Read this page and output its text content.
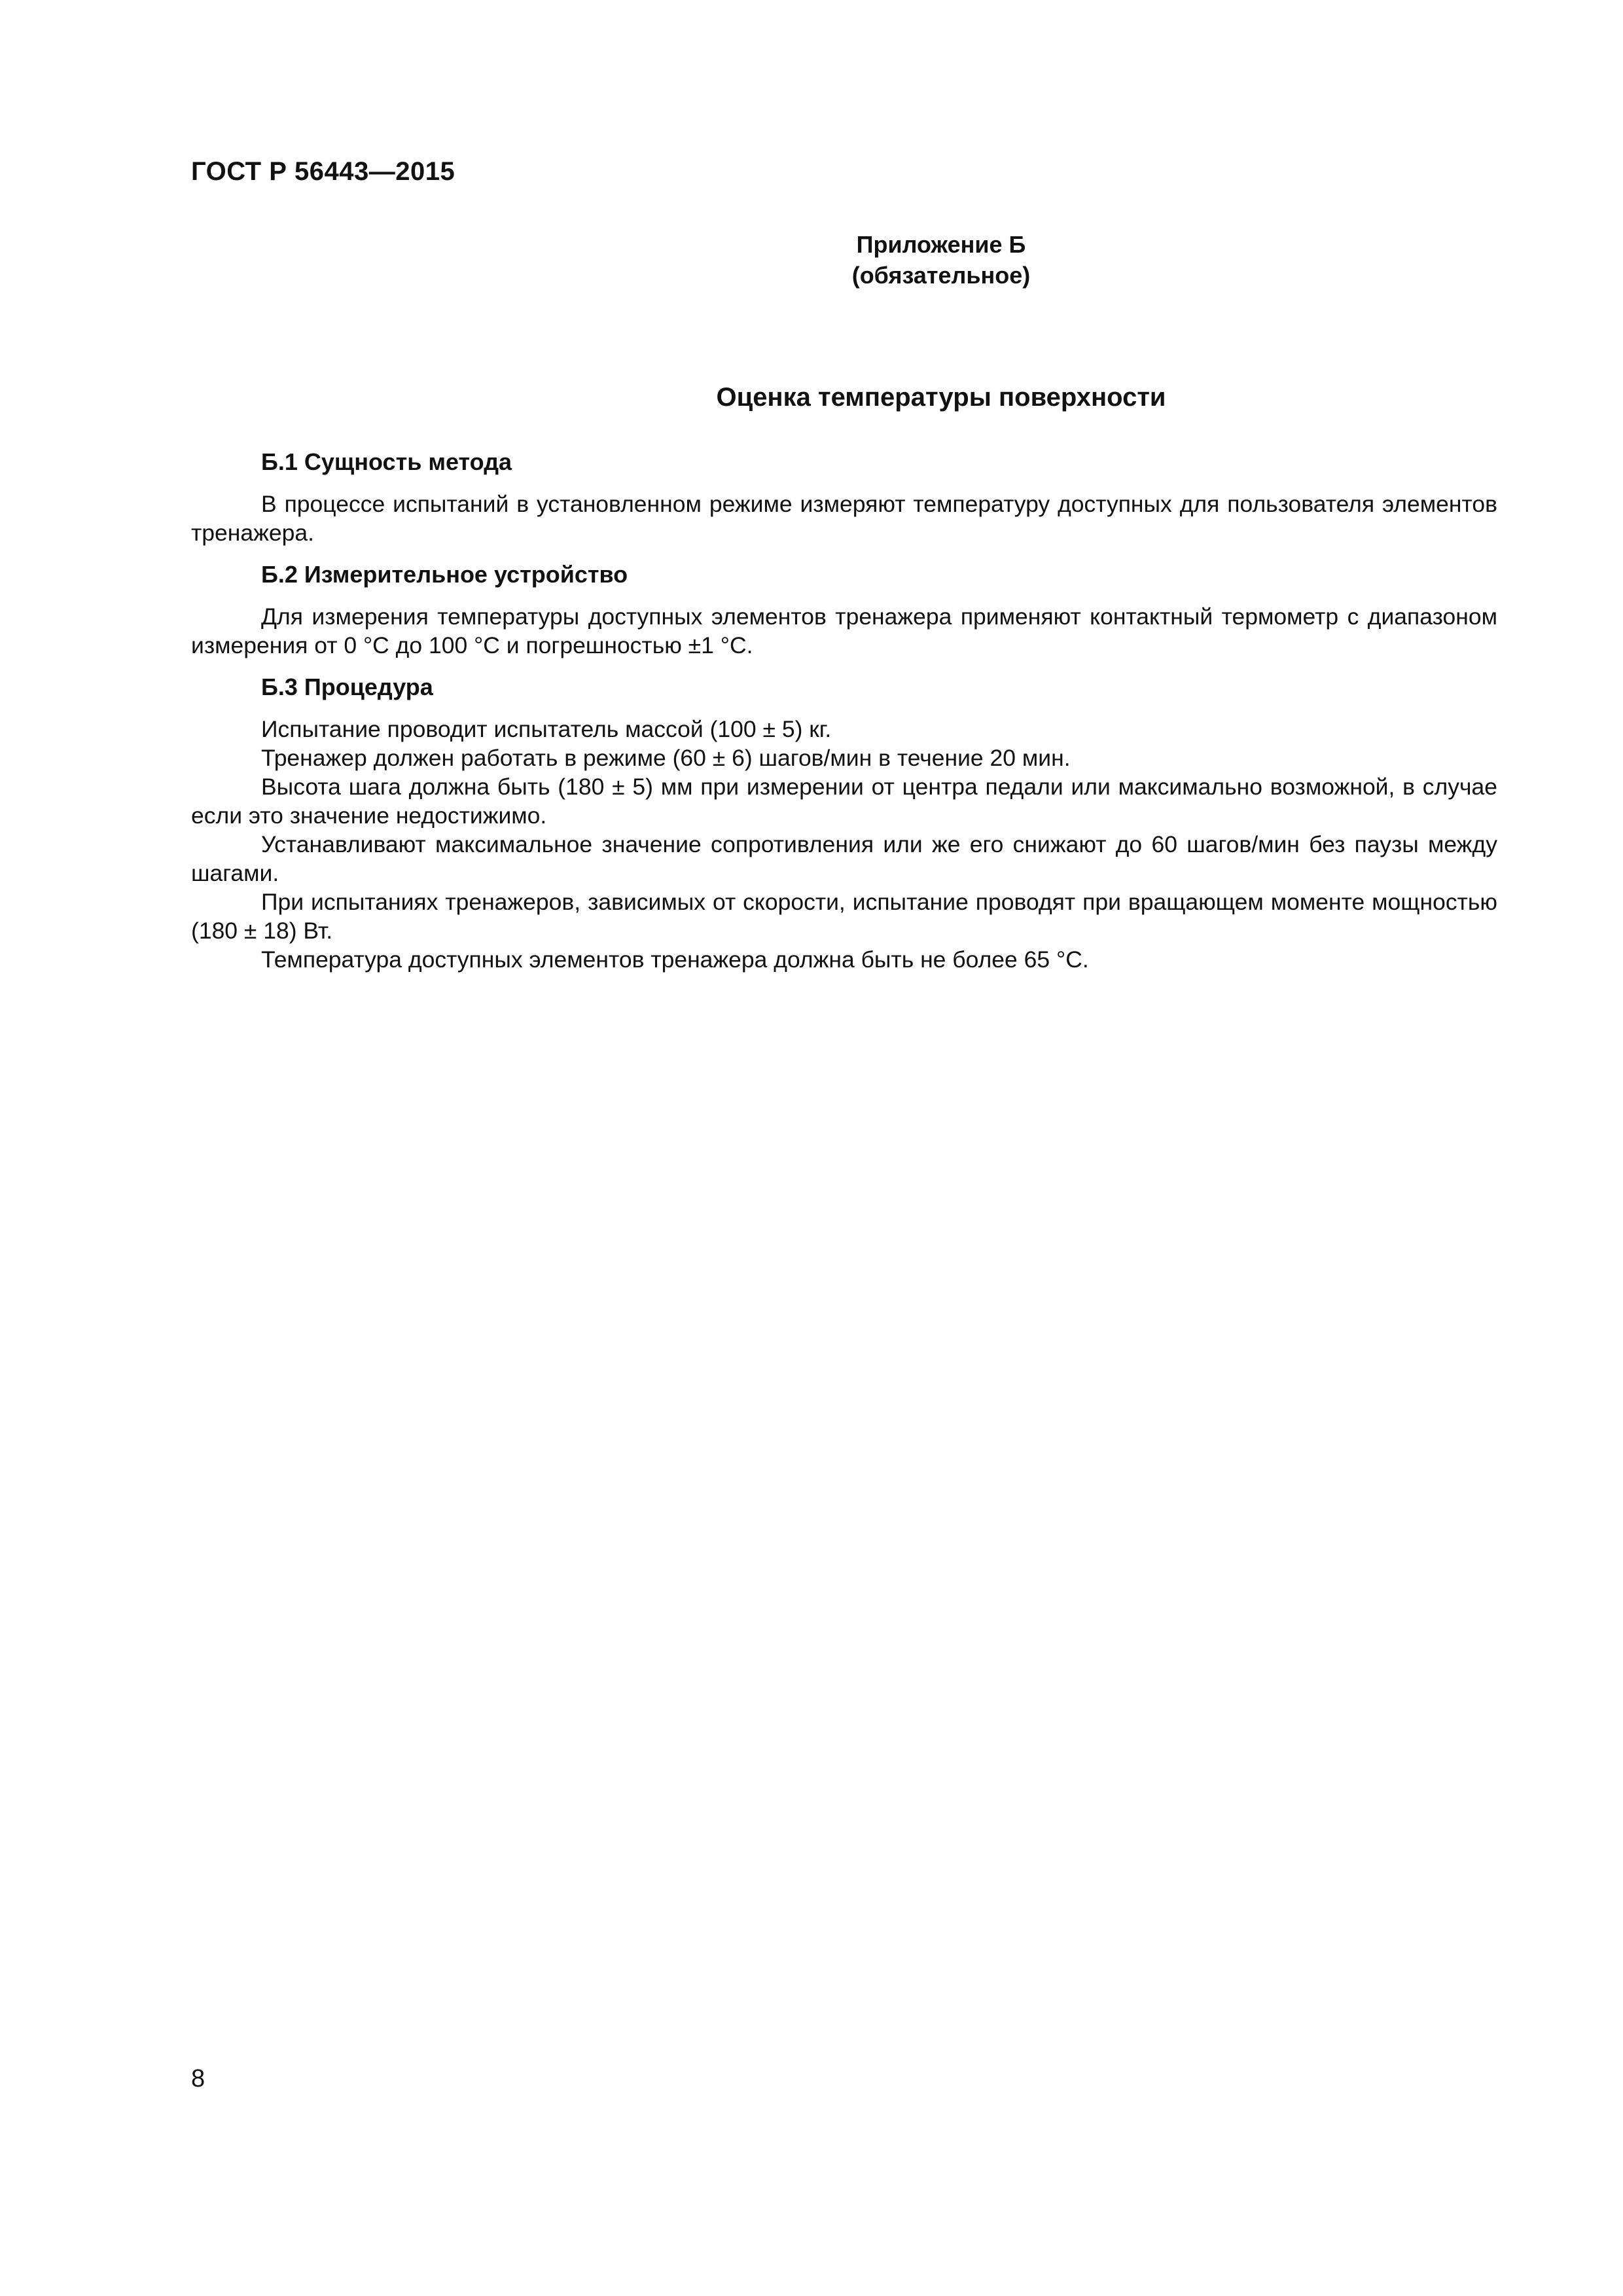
ГОСТ Р 56443—2015
Приложение Б
(обязательное)
Оценка температуры поверхности

Б.1 Сущность метода

В процессе испытаний в установленном режиме измеряют температуру доступных для пользователя элементов тренажера.

Б.2 Измерительное устройство

Для измерения температуры доступных элементов тренажера применяют контактный термометр с диапазоном измерения от 0 °С до 100 °С и погрешностью ±1 °С.

Б.3 Процедура

Испытание проводит испытатель массой (100 ± 5) кг.

Тренажер должен работать в режиме (60 ± 6) шагов/мин в течение 20 мин.

Высота шага должна быть (180 ± 5) мм при измерении от центра педали или максимально возможной, в случае если это значение недостижимо.

Устанавливают максимальное значение сопротивления или же его снижают до 60 шагов/мин без паузы между шагами.

При испытаниях тренажеров, зависимых от скорости, испытание проводят при вращающем моменте мощностью (180 ± 18) Вт.

Температура доступных элементов тренажера должна быть не более 65 °С.

8
